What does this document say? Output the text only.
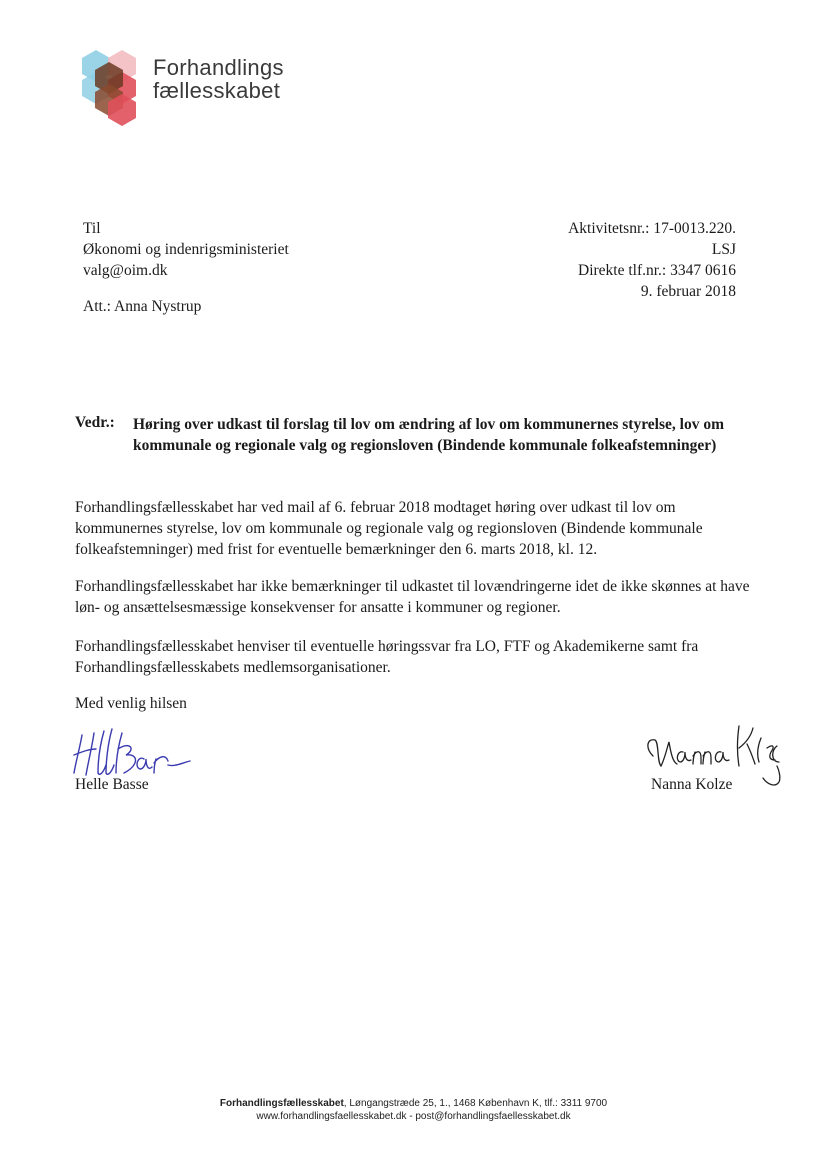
Forhandlings
fællesskabet
Til
Økonomi og indenrigsministeriet
valg@oim.dk
Att.: Anna Nystrup
Aktivitetsnr.: 17-0013.220.
LSJ
Direkte tlf.nr.: 3347 0616
9. februar 2018
Vedr.: Høring over udkast til forslag til lov om ændring af lov om kommunernes styrelse, lov om kommunale og regionale valg og regionsloven (Bindende kommunale folkeafstemninger)
Forhandlingsfællesskabet har ved mail af 6. februar 2018 modtaget høring over udkast til lov om kommunernes styrelse, lov om kommunale og regionale valg og regionsloven (Bindende kommunale folkeafstemninger) med frist for eventuelle bemærkninger den 6. marts 2018, kl. 12.
Forhandlingsfællesskabet har ikke bemærkninger til udkastet til lovændringerne idet de ikke skønnes at have løn- og ansættelsesmæssige konsekvenser for ansatte i kommuner og regioner.
Forhandlingsfællesskabet henviser til eventuelle høringssvar fra LO, FTF og Akademikerne samt fra Forhandlingsfællesskabets medlemsorganisationer.
Med venlig hilsen
Helle Basse	Nanna Kolze
Forhandlingsfællesskabet, Løngangstræde 25, 1., 1468 København K, tlf.: 3311 9700
www.forhandlingsfaellesskabet.dk - post@forhandlingsfaellesskabet.dk
